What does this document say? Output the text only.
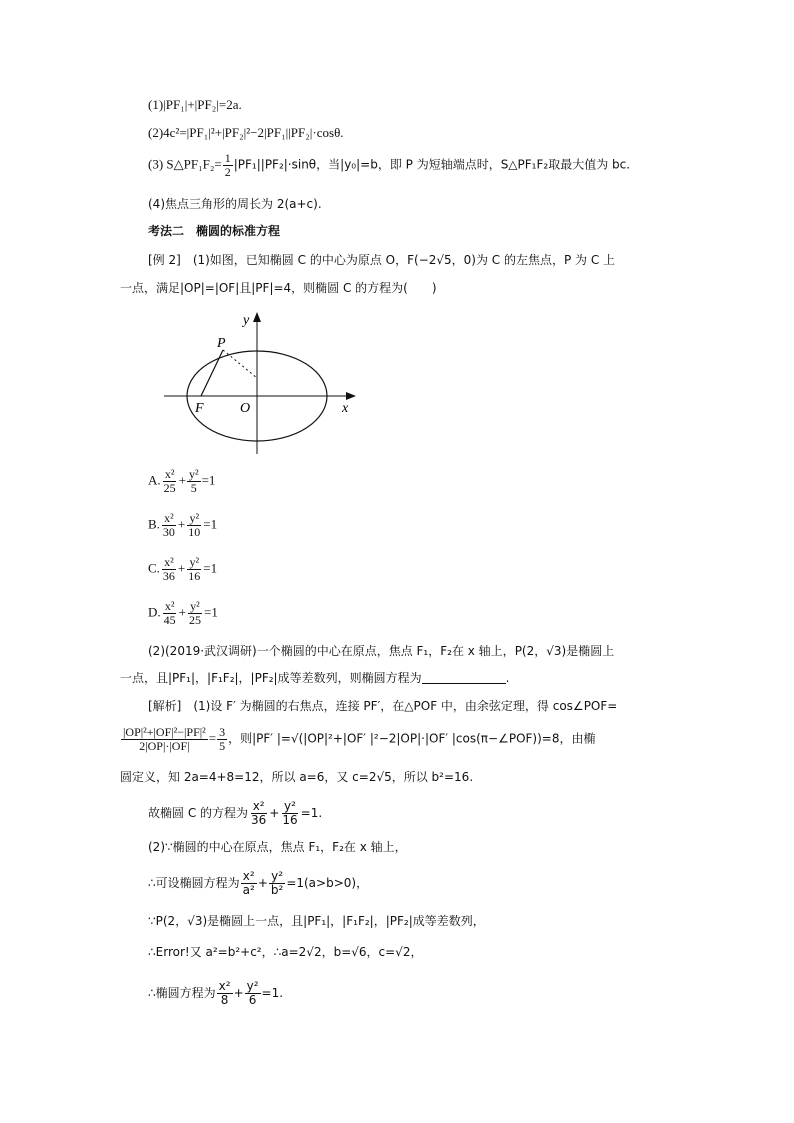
(1)|PF₁|+|PF₂|=2a.
(2)4c²=|PF₁|²+|PF₂|²−2|PF₁||PF₂|·cosθ.
(3) S△PF₁F₂= $\frac{1}{2} |PF_1||PF_2|\cdot\sin\theta$，当|y₀|=b，即 P 为短轴端点时，S△PF₁F₂取最大值为 bc.
(4)焦点三角形的周长为 2(a+c).
考法二　椭圆的标准方程
[例 2]　(1)如图，已知椭圆 C 的中心为原点 O，F(−2√5，0)为 C 的左焦点，P 为 C 上
一点，满足|OP|=|OF|且|PF|=4，则椭圆 C 的方程为(　　)
y
x
P
F	O
A. $\frac{\text{x²}}{25} + \frac{\text{y²}}{5} =1$
B. $\frac{\text{x²}}{30} + \frac{\text{y²}}{10} =1$
C. $\frac{\text{x²}}{36} + \frac{\text{y²}}{16} =1$
D. $\frac{\text{x²}}{45} + \frac{\text{y²}}{25} =1$
(2)(2019·武汉调研)一个椭圆的中心在原点，焦点 F₁，F₂在 x 轴上，P(2，√3)是椭圆上
一点，且|PF₁|，|F₁F₂|，|PF₂|成等差数列，则椭圆方程为	.
[解析]　(1)设 F′ 为椭圆的右焦点，连接 PF′，在△POF 中，由余弦定理，得 cos∠POF=
$\frac{\text{|OP|²+|OF|²−|PF|²}}{2|OP|\cdot|OF|} = \frac{3}{5}$ ，则|PF′ |=√(|OP|²+|OF′ |²−2|OP|·|OF′ |cos(π−∠POF))=8，由椭
圆定义，知 2a=4+8=12，所以 a=6，又 c=2√5，所以 b²=16.
故椭圆 C 的方程为 $\frac{\text{x²}}{36} + \frac{\text{y²}}{16} =1$.
(2)∵椭圆的中心在原点，焦点 F₁，F₂在 x 轴上，
∴可设椭圆方程为 $\frac{\text{x²}}{\text{a²}} + \frac{\text{y²}}{\text{b²}} =1(a>b>0)$，
∵P(2，√3)是椭圆上一点，且|PF₁|，|F₁F₂|，|PF₂|成等差数列，
∴Error!又 a²=b²+c²，∴a=2√2，b=√6，c=√2，
∴椭圆方程为 $\frac{\text{x²}}{8} + \frac{\text{y²}}{6} =1$.
